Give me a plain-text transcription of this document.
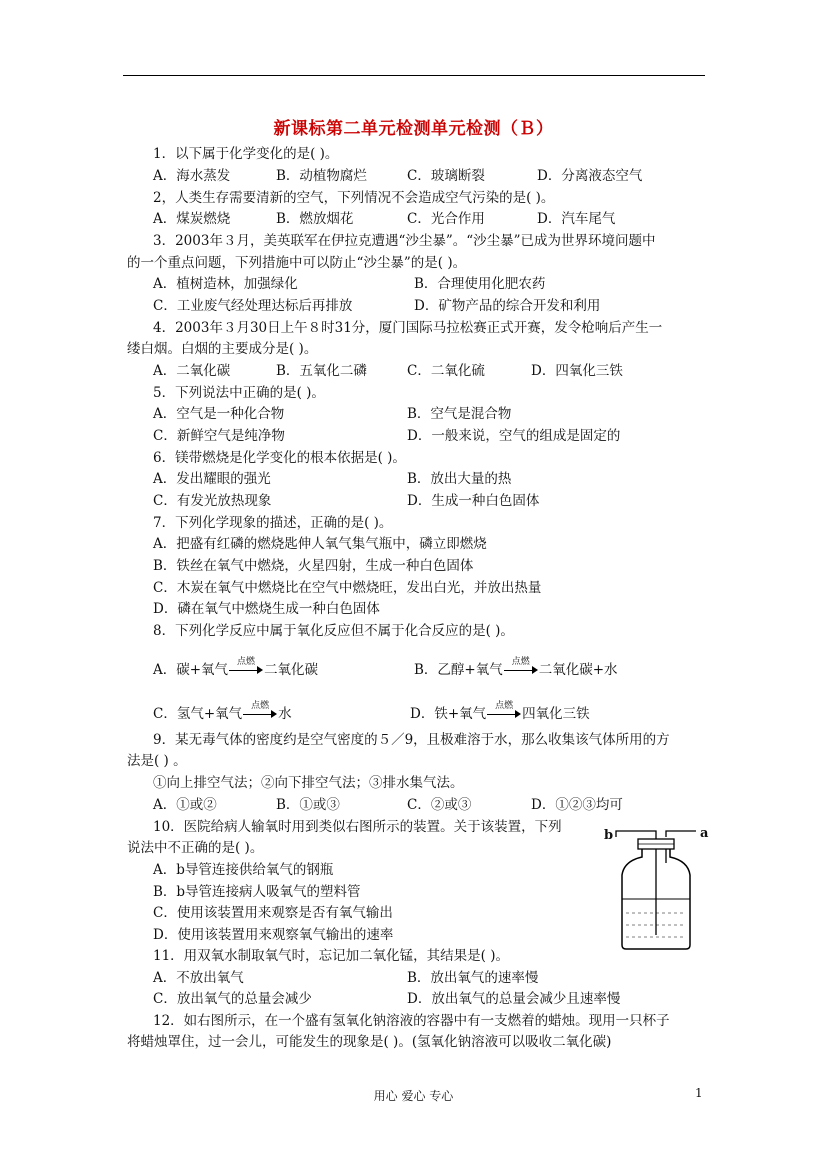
新课标第二单元检测单元检测（Ｂ）
1．以下属于化学变化的是( )。
A．海水蒸发	B．动植物腐烂	C．玻璃断裂	D．分离液态空气
2，人类生存需要清新的空气，下列情况不会造成空气污染的是( )。
A．煤炭燃烧	B．燃放烟花	C．光合作用	D．汽车尾气
3．2003年３月，美英联军在伊拉克遭遇“沙尘暴”。“沙尘暴”已成为世界环境问题中
的一个重点问题，下列措施中可以防止“沙尘暴”的是( )。
A．植树造林，加强绿化	B．合理使用化肥农药
C．工业废气经处理达标后再排放	D．矿物产品的综合开发和利用
4．2003年３月30日上午８时31分，厦门国际马拉松赛正式开赛，发令枪响后产生一
缕白烟。白烟的主要成分是( )。
A．二氧化碳	B．五氧化二磷	C．二氧化硫	D．四氧化三铁
5．下列说法中正确的是( )。
A．空气是一种化合物	B．空气是混合物
C．新鲜空气是纯净物	D．一般来说，空气的组成是固定的
6．镁带燃烧是化学变化的根本依据是( )。
A．发出耀眼的强光	B．放出大量的热
C．有发光放热现象	D．生成一种白色固体
7．下列化学现象的描述，正确的是( )。
A．把盛有红磷的燃烧匙伸人氧气集气瓶中，磷立即燃烧
B．铁丝在氧气中燃烧，火星四射，生成一种白色固体
C．木炭在氧气中燃烧比在空气中燃烧旺，发出白光，并放出热量
D．磷在氧气中燃烧生成一种白色固体
8．下列化学反应中属于氧化反应但不属于化合反应的是( )。
A．碳+氧气 点燃 二氧化碳	B．乙醇+氧气 点燃 二氧化碳+水
C．氢气+氧气 点燃 水	D．铁+氧气 点燃 四氧化三铁
9．某无毒气体的密度约是空气密度的５／9，且极难溶于水，那么收集该气体所用的方
法是( ) 。
①向上排空气法；②向下排空气法；③排水集气法。
A．①或②	B．①或③	C．②或③	D．①②③均可
10．医院给病人输氧时用到类似右图所示的装置。关于该装置，下列
说法中不正确的是( )。
A．b导管连接供给氧气的钢瓶
B．b导管连接病人吸氧气的塑料管
C．使用该装置用来观察是否有氧气输出
D．使用该装置用来观察氧气输出的速率
b	a
11．用双氧水制取氧气时，忘记加二氧化锰，其结果是( )。
A．不放出氧气	B．放出氧气的速率慢
C．放出氧气的总量会减少	D．放出氧气的总量会减少且速率慢
12．如右图所示，在一个盛有氢氧化钠溶液的容器中有一支燃着的蜡烛。现用一只杯子
将蜡烛罩住，过一会儿，可能发生的现象是( )。(氢氧化钠溶液可以吸收二氧化碳)
用心 爱心 专心	1
